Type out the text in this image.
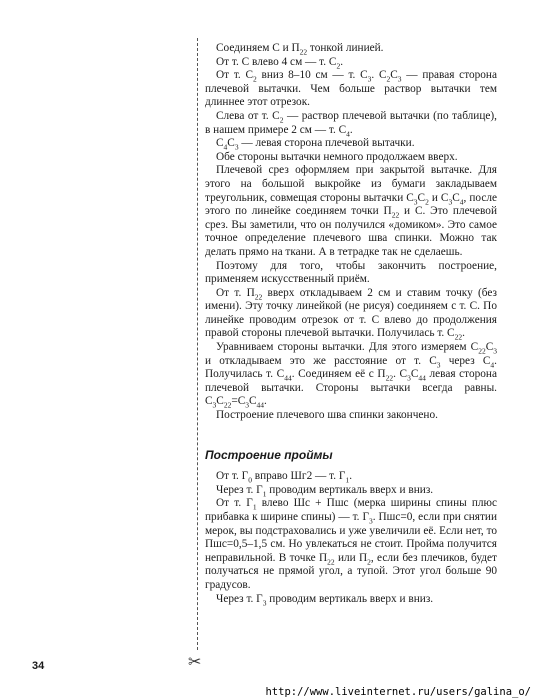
✂

Соединяем С и $П_{22}$ тонкой линией.

От т. С влево 4 см — т. $С_2$.

От т. $С_2$ вниз 8–10 см — т. $С_3$. $С_2С_3$ — правая сторона плечевой вытачки. Чем больше раствор вытачки тем длиннее этот отрезок.

Слева от т. $С_2$ — раствор плечевой вытачки (по таблице), в нашем примере 2 см — т. $С_4$.

$С_4С_3$ — левая сторона плечевой вытачки.

Обе стороны вытачки немного продолжаем вверх.

Плечевой срез оформляем при закрытой вытачке. Для этого на большой выкройке из бумаги закладываем треугольник, совмещая стороны вытачки $С_3С_2$ и $С_3С_4$, после этого по линейке соединяем точки $П_{22}$ и С. Это плечевой срез. Вы заметили, что он получился «домиком». Это самое точное определение плечевого шва спинки. Можно так делать прямо на ткани. А в тетрадке так не сделаешь.

Поэтому для того, чтобы закончить построение, применяем искусственный приём.

От т. $П_{22}$ вверх откладываем 2 см и ставим точку (без имени). Эту точку линейкой (не рисуя) соединяем с т. С. По линейке проводим отрезок от т. С влево до продолжения правой стороны плечевой вытачки. Получилась т. $С_{22}$.

Уравниваем стороны вытачки. Для этого измеряем $С_{22}С_3$ и откладываем это же расстояние от т. $С_3$ через $С_4$. Получилась т. $С_{44}$. Соединяем её с $П_{22}$. $С_3С_{44}$ левая сторона плечевой вытачки. Стороны вытачки всегда равны. $С_3С_{22}=С_3С_{44}$.

Построение плечевого шва спинки закончено.

Построение проймы

От т. $Г_0$ вправо Шг2 — т. $Г_1$.

Через т. $Г_1$ проводим вертикаль вверх и вниз.

От т. $Г_1$ влево Шс + Пшс (мерка ширины спины плюс прибавка к ширине спины) — т. $Г_3$. Пшс=0, если при снятии мерок, вы подстраховались и уже увеличили её. Если нет, то Пшс=0,5–1,5 см. Но увлекаться не стоит. Пройма получится неправильной. В точке $П_{22}$ или $П_2$, если без плечиков, будет получаться не прямой угол, а тупой. Этот угол больше 90 градусов.

Через т. $Г_3$ проводим вертикаль вверх и вниз.

34
http://www.liveinternet.ru/users/galina_o/
